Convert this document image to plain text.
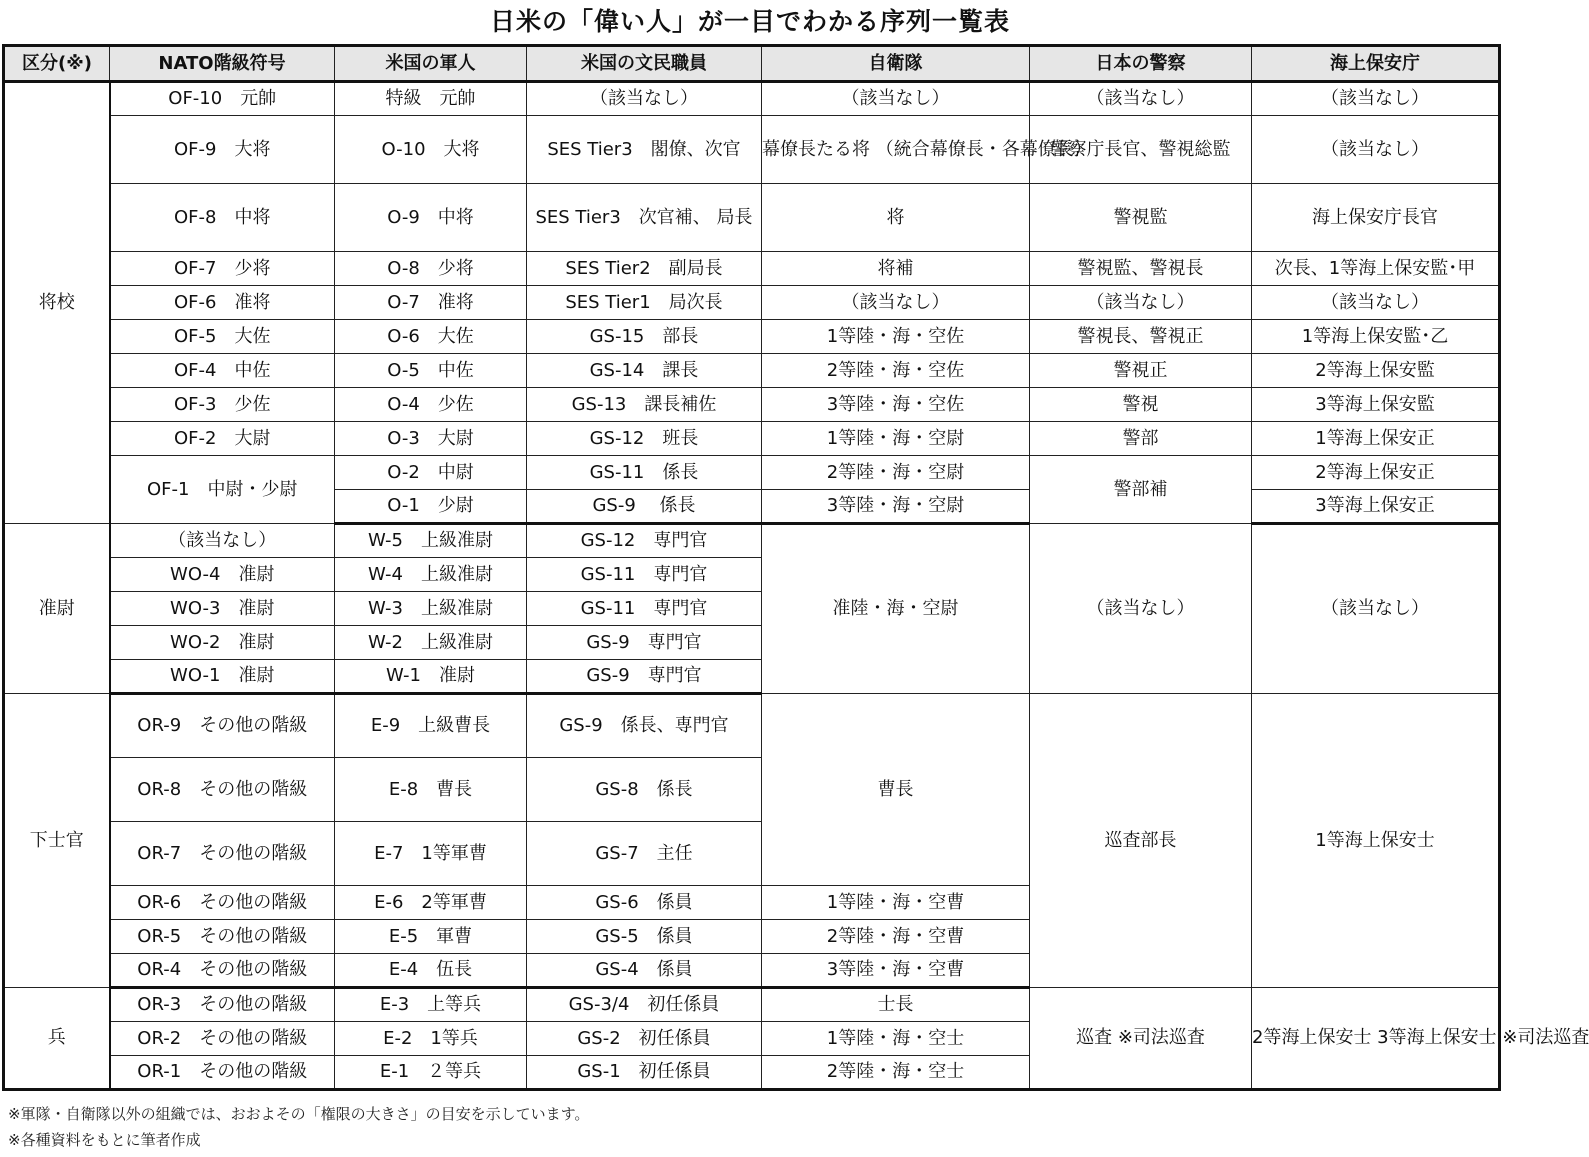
日米の「偉い人」が一目でわかる序列一覧表
区分(※)	NATO階級符号	米国の軍人	米国の文民職員	自衛隊	日本の警察	海上保安庁
将校	OF-10　元帥	特級　元帥	（該当なし）	（該当なし）	（該当なし）	（該当なし）
	OF-9　大将	O-10　大将	SES Tier3　閣僚、次官	幕僚長たる将 （統合幕僚長・各幕僚長）	警察庁長官、警視総監	（該当なし）
	OF-8　中将	O-9　中将	SES Tier3　次官補、 局長	将	警視監	海上保安庁長官
	OF-7　少将	O-8　少将	SES Tier2　副局長	将補	警視監、警視長	次長、1等海上保安監･甲
	OF-6　准将	O-7　准将	SES Tier1　局次長	（該当なし）	（該当なし）	（該当なし）
	OF-5　大佐	O-6　大佐	GS-15　部長	1等陸・海・空佐	警視長、警視正	1等海上保安監･乙
	OF-4　中佐	O-5　中佐	GS-14　課長	2等陸・海・空佐	警視正	2等海上保安監
	OF-3　少佐	O-4　少佐	GS-13　課長補佐	3等陸・海・空佐	警視	3等海上保安監
	OF-2　大尉	O-3　大尉	GS-12　班長	1等陸・海・空尉	警部	1等海上保安正
	OF-1　中尉・少尉	O-2　中尉	GS-11　係長	2等陸・海・空尉	警部補	2等海上保安正
		O-1　少尉	GS-9　 係長	3等陸・海・空尉		3等海上保安正
准尉	（該当なし）	W-5　上級准尉	GS-12　専門官	准陸・海・空尉	（該当なし）	（該当なし）
	WO-4　准尉	W-4　上級准尉	GS-11　専門官			
	WO-3　准尉	W-3　上級准尉	GS-11　専門官			
	WO-2　准尉	W-2　上級准尉	GS-9　専門官			
	WO-1　准尉	W-1　准尉	GS-9　専門官			
下士官	OR-9　その他の階級	E-9　上級曹長	GS-9　係長、専門官	曹長	巡査部長	1等海上保安士
	OR-8　その他の階級	E-8　曹長	GS-8　係長			
	OR-7　その他の階級	E-7　1等軍曹	GS-7　主任			
	OR-6　その他の階級	E-6　2等軍曹	GS-6　係員	1等陸・海・空曹		
	OR-5　その他の階級	E-5　軍曹	GS-5　係員	2等陸・海・空曹		
	OR-4　その他の階級	E-4　伍長	GS-4　係員	3等陸・海・空曹		
兵	OR-3　その他の階級	E-3　上等兵	GS-3/4　初任係員	士長	巡査 ※司法巡査	2等海上保安士 3等海上保安士 ※司法巡査
	OR-2　その他の階級	E-2　1等兵	GS-2　初任係員	1等陸・海・空士		
	OR-1　その他の階級	E-1　２等兵	GS-1　初任係員	2等陸・海・空士		
※軍隊・自衛隊以外の組織では、おおよその「権限の大きさ」の目安を示しています。
※各種資料をもとに筆者作成
